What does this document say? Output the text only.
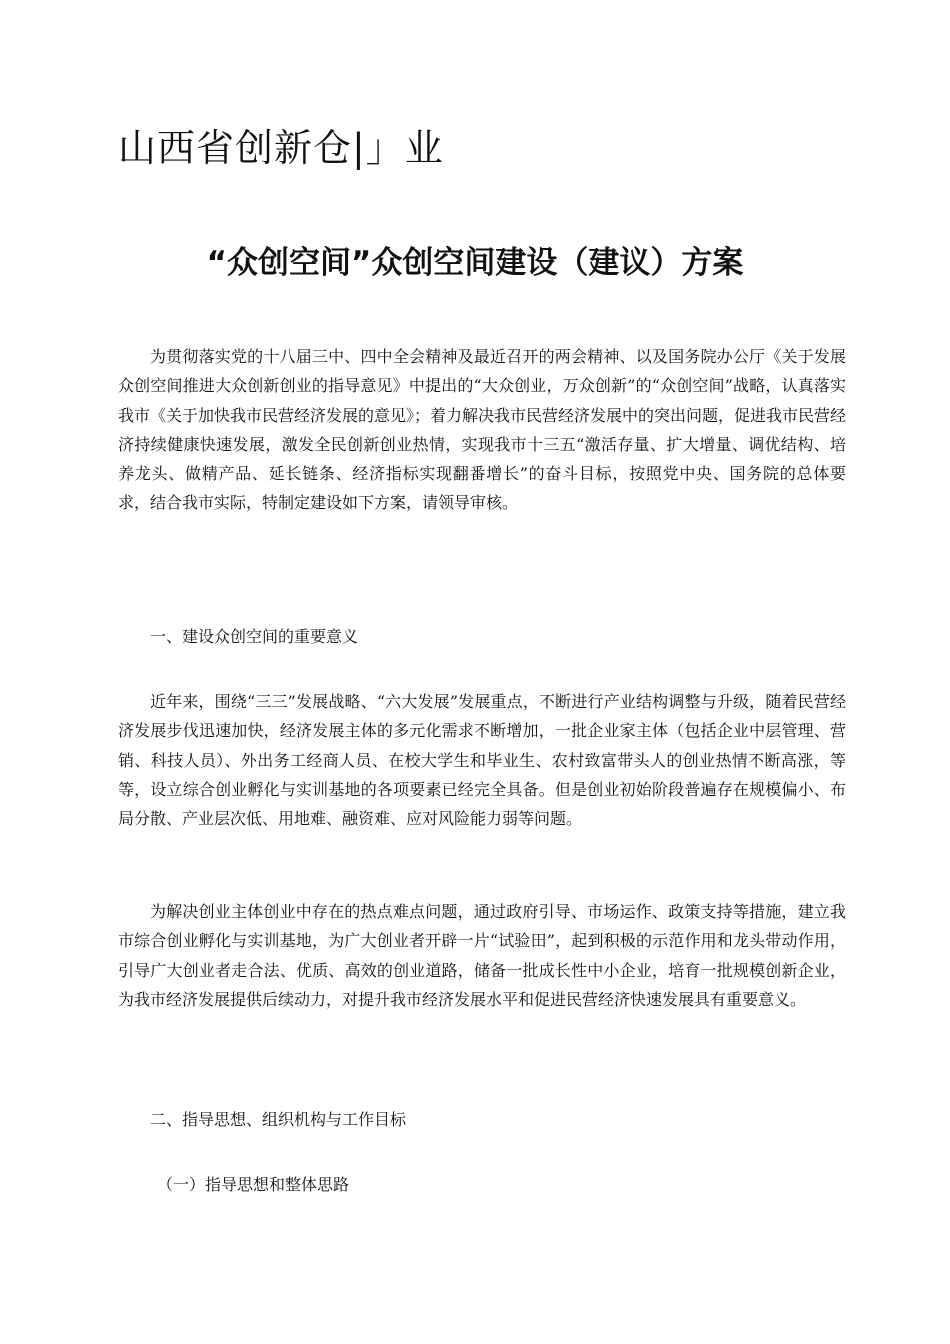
山西省创新仓|」业
“众创空间”众创空间建设（建议）方案

为贯彻落实党的十八届三中、四中全会精神及最近召开的两会精神、以及国务院办公厅《关于发展众创空间推进大众创新创业的指导意见》中提出的“大众创业，万众创新”的“众创空间”战略，认真落实我市《关于加快我市民营经济发展的意见》；着力解决我市民营经济发展中的突出问题，促进我市民营经济持续健康快速发展，激发全民创新创业热情，实现我市十三五“激活存量、扩大增量、调优结构、培养龙头、做精产品、延长链条、经济指标实现翻番增长”的奋斗目标，按照党中央、国务院的总体要求，结合我市实际，特制定建设如下方案，请领导审核。

一、建设众创空间的重要意义

近年来，围绕“三三”发展战略、“六大发展”发展重点，不断进行产业结构调整与升级，随着民营经济发展步伐迅速加快，经济发展主体的多元化需求不断增加，一批企业家主体（包括企业中层管理、营销、科技人员）、外出务工经商人员、在校大学生和毕业生、农村致富带头人的创业热情不断高涨，等等，设立综合创业孵化与实训基地的各项要素已经完全具备。但是创业初始阶段普遍存在规模偏小、布局分散、产业层次低、用地难、融资难、应对风险能力弱等问题。

为解决创业主体创业中存在的热点难点问题，通过政府引导、市场运作、政策支持等措施，建立我市综合创业孵化与实训基地，为广大创业者开辟一片“试验田”，起到积极的示范作用和龙头带动作用，引导广大创业者走合法、优质、高效的创业道路，储备一批成长性中小企业，培育一批规模创新企业，为我市经济发展提供后续动力，对提升我市经济发展水平和促进民营经济快速发展具有重要意义。

二、指导思想、组织机构与工作目标

（一）指导思想和整体思路
